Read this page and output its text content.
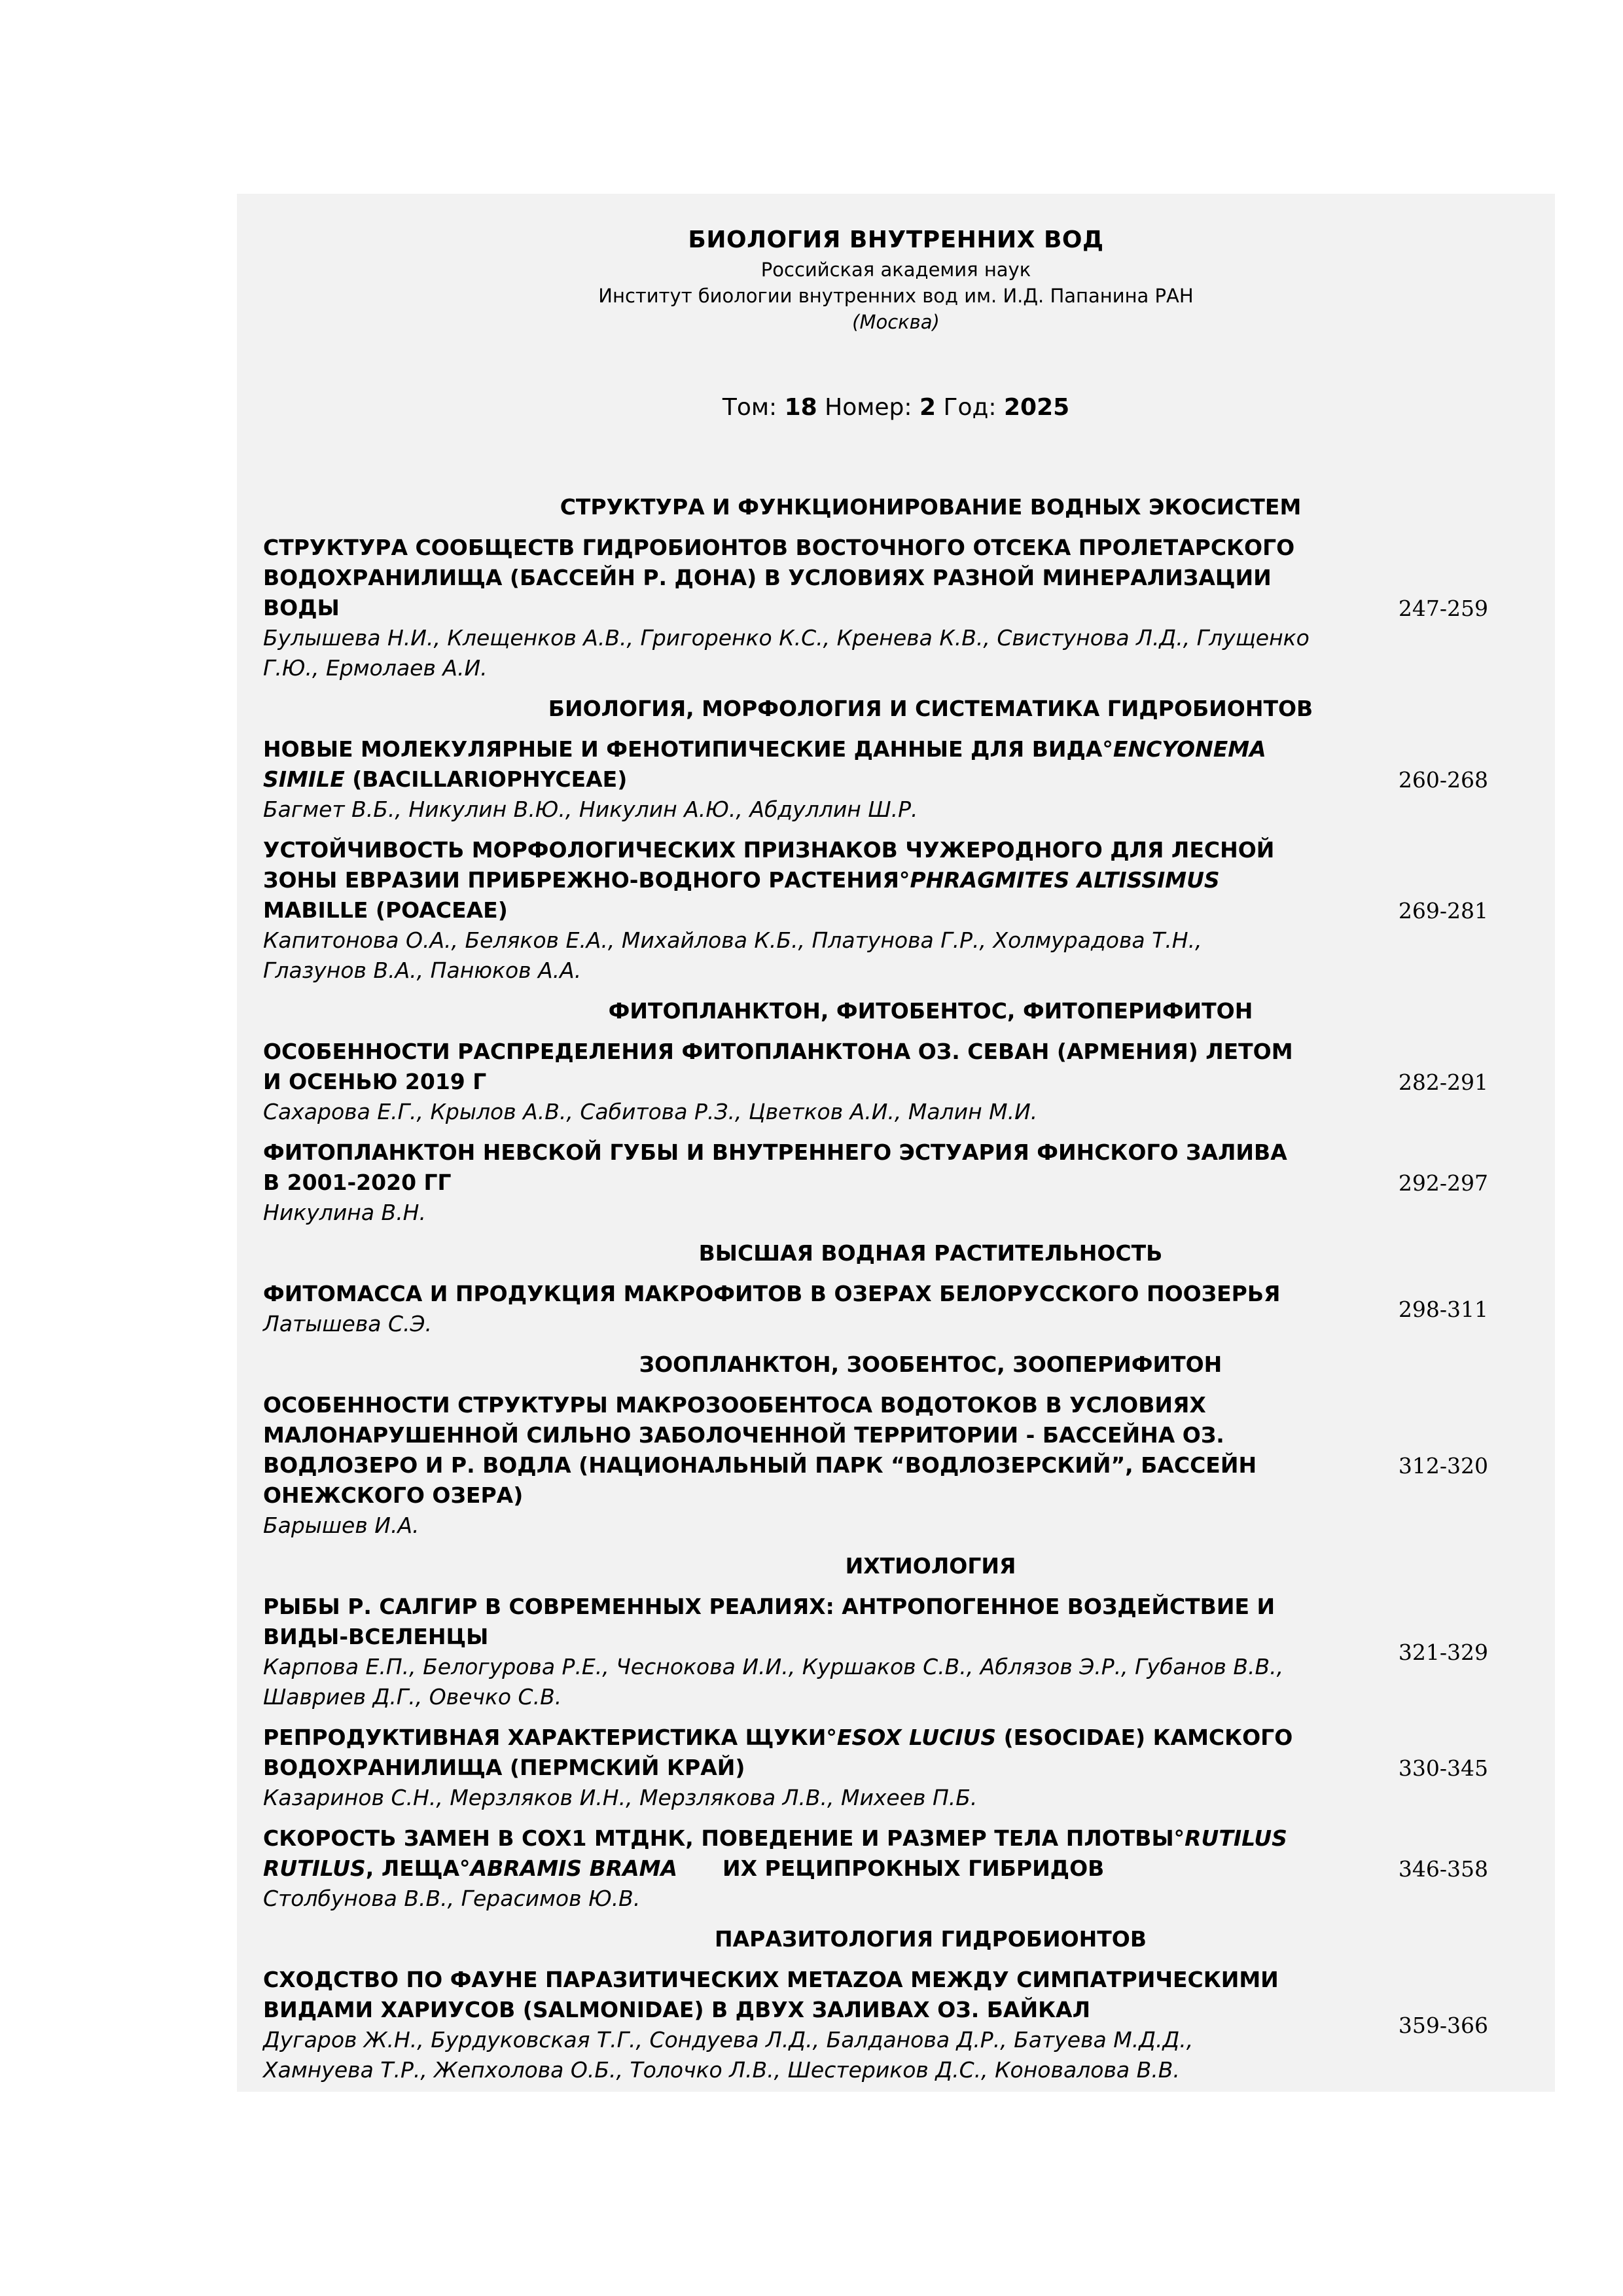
БИОЛОГИЯ ВНУТРЕННИХ ВОД
Российская академия наук
Институт биологии внутренних вод им. И.Д. Папанина РАН
(Москва)
Том: 18 Номер: 2 Год: 2025
СТРУКТУРА И ФУНКЦИОНИРОВАНИЕ ВОДНЫХ ЭКОСИСТЕМ
СТРУКТУРА СООБЩЕСТВ ГИДРОБИОНТОВ ВОСТОЧНОГО ОТСЕКА ПРОЛЕТАРСКОГО ВОДОХРАНИЛИЩА (БАССЕЙН Р. ДОНА) В УСЛОВИЯХ РАЗНОЙ МИНЕРАЛИЗАЦИИ ВОДЫ
Булышева Н.И., Клещенков А.В., Григоренко К.С., Кренева К.В., Свистунова Л.Д., Глущенко Г.Ю., Ермолаев А.И.
247-259
БИОЛОГИЯ, МОРФОЛОГИЯ И СИСТЕМАТИКА ГИДРОБИОНТОВ
НОВЫЕ МОЛЕКУЛЯРНЫЕ И ФЕНОТИПИЧЕСКИЕ ДАННЫЕ ДЛЯ ВИДА°ENCYONEMA SIMILE (BACILLARIOPHYCEAE)
Багмет В.Б., Никулин В.Ю., Никулин А.Ю., Абдуллин Ш.Р.
260-268
УСТОЙЧИВОСТЬ МОРФОЛОГИЧЕСКИХ ПРИЗНАКОВ ЧУЖЕРОДНОГО ДЛЯ ЛЕСНОЙ ЗОНЫ ЕВРАЗИИ ПРИБРЕЖНО-ВОДНОГО РАСТЕНИЯ°PHRAGMITES ALTISSIMUS MABILLE (POACEAE)
Капитонова О.А., Беляков Е.А., Михайлова К.Б., Платунова Г.Р., Холмурадова Т.Н., Глазунов В.А., Панюков А.А.
269-281
ФИТОПЛАНКТОН, ФИТОБЕНТОС, ФИТОПЕРИФИТОН
ОСОБЕННОСТИ РАСПРЕДЕЛЕНИЯ ФИТОПЛАНКТОНА ОЗ. СЕВАН (АРМЕНИЯ) ЛЕТОМ И ОСЕНЬЮ 2019 Г
Сахарова Е.Г., Крылов А.В., Сабитова Р.З., Цветков А.И., Малин М.И.
282-291
ФИТОПЛАНКТОН НЕВСКОЙ ГУБЫ И ВНУТРЕННЕГО ЭСТУАРИЯ ФИНСКОГО ЗАЛИВА В 2001-2020 ГГ
Никулина В.Н.
292-297
ВЫСШАЯ ВОДНАЯ РАСТИТЕЛЬНОСТЬ
ФИТОМАССА И ПРОДУКЦИЯ МАКРОФИТОВ В ОЗЕРАХ БЕЛОРУССКОГО ПООЗЕРЬЯ
Латышева С.Э.
298-311
ЗООПЛАНКТОН, ЗООБЕНТОС, ЗООПЕРИФИТОН
ОСОБЕННОСТИ СТРУКТУРЫ МАКРОЗООБЕНТОСА ВОДОТОКОВ В УСЛОВИЯХ МАЛОНАРУШЕННОЙ СИЛЬНО ЗАБОЛОЧЕННОЙ ТЕРРИТОРИИ - БАССЕЙНА ОЗ. ВОДЛОЗЕРО И Р. ВОДЛА (НАЦИОНАЛЬНЫЙ ПАРК “ВОДЛОЗЕРСКИЙ”, БАССЕЙН ОНЕЖСКОГО ОЗЕРА)
Барышев И.А.
312-320
ИХТИОЛОГИЯ
РЫБЫ Р. САЛГИР В СОВРЕМЕННЫХ РЕАЛИЯХ: АНТРОПОГЕННОЕ ВОЗДЕЙСТВИЕ И ВИДЫ-ВСЕЛЕНЦЫ
Карпова Е.П., Белогурова Р.Е., Чеснокова И.И., Куршаков С.В., Аблязов Э.Р., Губанов В.В., Шавриев Д.Г., Овечко С.В.
321-329
РЕПРОДУКТИВНАЯ ХАРАКТЕРИСТИКА ЩУКИ°ESOX LUCIUS (ESOCIDAE) КАМСКОГО ВОДОХРАНИЛИЩА (ПЕРМСКИЙ КРАЙ)
Казаринов С.Н., Мерзляков И.Н., Мерзлякова Л.В., Михеев П.Б.
330-345
СКОРОСТЬ ЗАМЕН В COX1 МТДНК, ПОВЕДЕНИЕ И РАЗМЕР ТЕЛА ПЛОТВЫ°RUTILUS RUTILUS, ЛЕЩА°ABRAMIS BRAMA      ИХ РЕЦИПРОКНЫХ ГИБРИДОВ
Столбунова В.В., Герасимов Ю.В.
346-358
ПАРАЗИТОЛОГИЯ ГИДРОБИОНТОВ
СХОДСТВО ПО ФАУНЕ ПАРАЗИТИЧЕСКИХ METAZOA МЕЖДУ СИМПАТРИЧЕСКИМИ ВИДАМИ ХАРИУСОВ (SALMONIDAE) В ДВУХ ЗАЛИВАХ ОЗ. БАЙКАЛ
Дугаров Ж.Н., Бурдуковская Т.Г., Сондуева Л.Д., Балданова Д.Р., Батуева М.Д.Д., Хамнуева Т.Р., Жепхолова О.Б., Толочко Л.В., Шестериков Д.С., Коновалова В.В.
359-366
